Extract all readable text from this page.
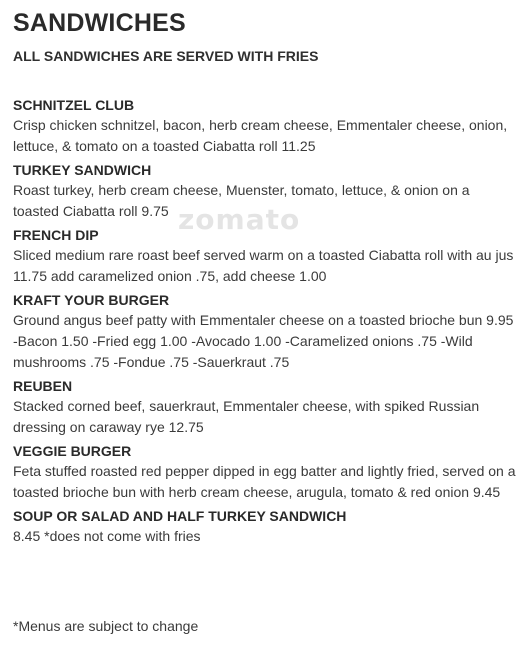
zomato
SANDWICHES
ALL SANDWICHES ARE SERVED WITH FRIES
SCHNITZEL CLUB
Crisp chicken schnitzel, bacon, herb cream cheese, Emmentaler cheese, onion, lettuce, & tomato on a toasted Ciabatta roll 11.25
TURKEY SANDWICH
Roast turkey, herb cream cheese, Muenster, tomato, lettuce, & onion on a toasted Ciabatta roll 9.75
FRENCH DIP
Sliced medium rare roast beef served warm on a toasted Ciabatta roll with au jus 11.75 add caramelized onion .75, add cheese 1.00
KRAFT YOUR BURGER
Ground angus beef patty with Emmentaler cheese on a toasted brioche bun 9.95 -Bacon 1.50 -Fried egg 1.00 -Avocado 1.00 -Caramelized onions .75 -Wild mushrooms .75 -Fondue .75 -Sauerkraut .75
REUBEN
Stacked corned beef, sauerkraut, Emmentaler cheese, with spiked Russian dressing on caraway rye 12.75
VEGGIE BURGER
Feta stuffed roasted red pepper dipped in egg batter and lightly fried, served on a toasted brioche bun with herb cream cheese, arugula, tomato & red onion 9.45
SOUP OR SALAD AND HALF TURKEY SANDWICH
8.45 *does not come with fries
*Menus are subject to change
